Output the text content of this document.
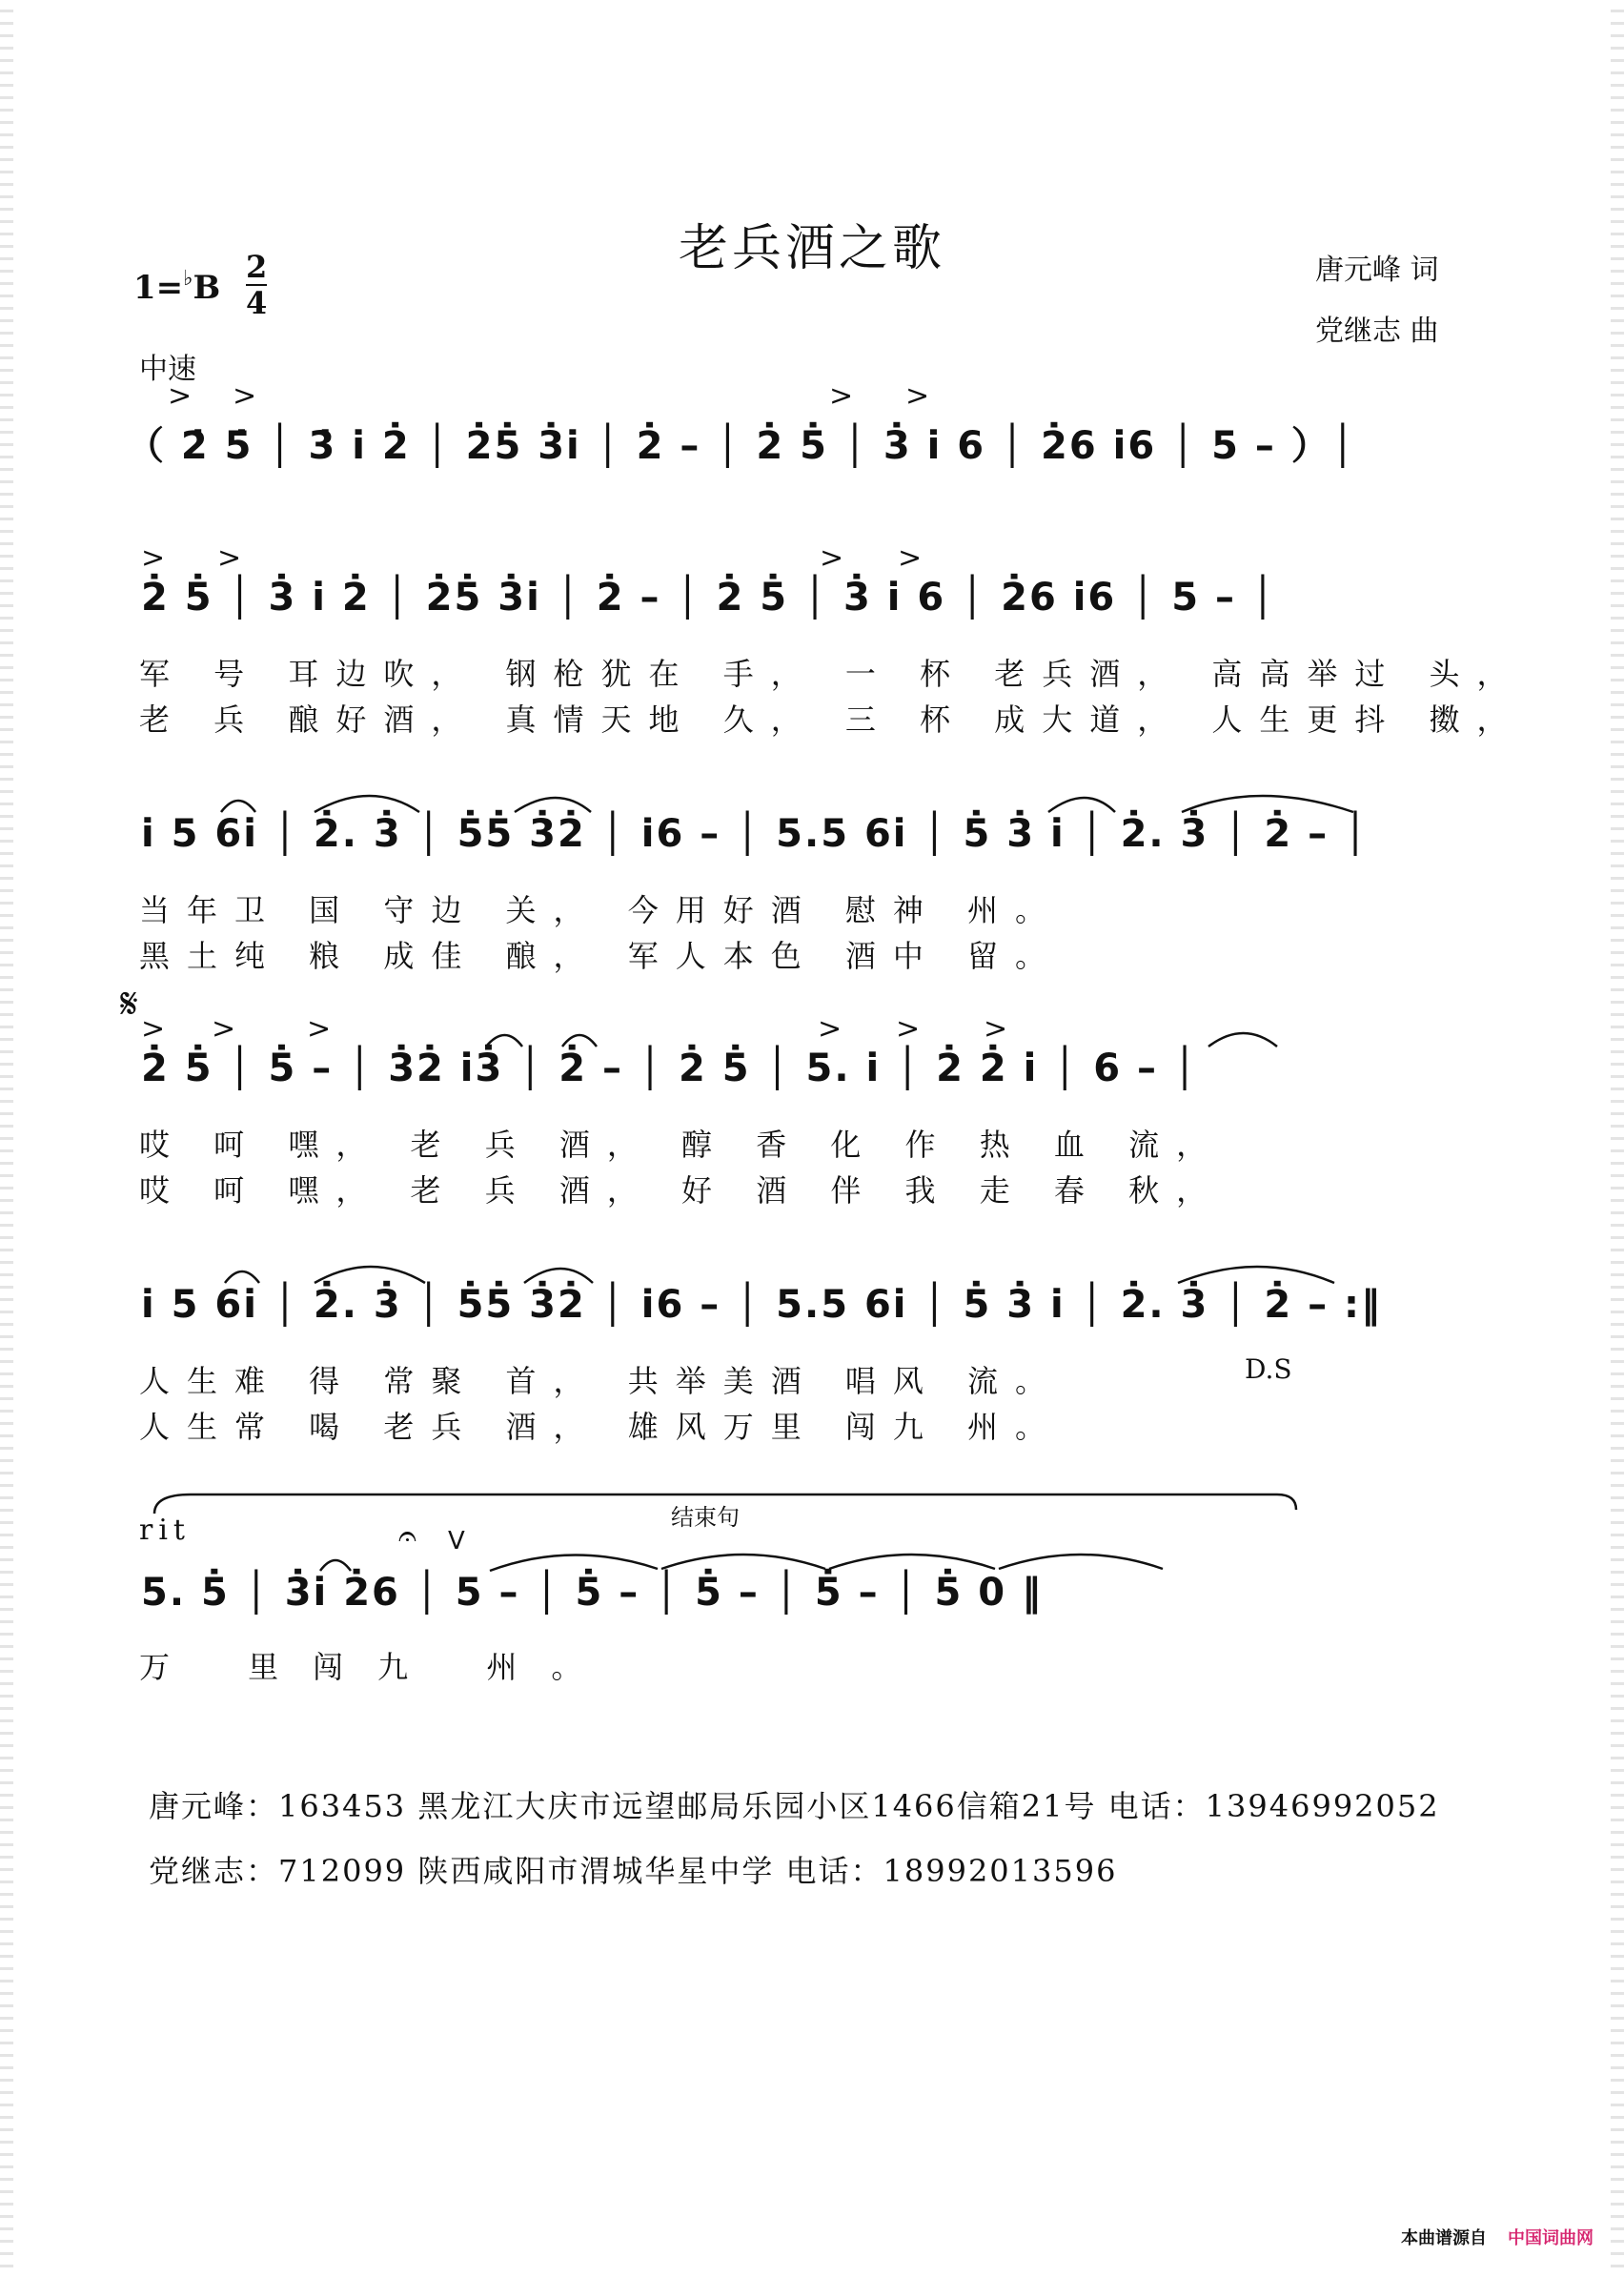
老兵酒之歌	唐元峰 词
党继志 曲
1=♭B
2
4
中速
> >	> >
> >	> >
> > >	> > >
𝄋
（ 2̇ 5̇ │ 3̇ i̇ 2̇ │ 2̇5̇ 3̇i̇ │ 2̇ – │ 2̇ 5̇ │ 3̇ i̇ 6 │ 2̇6 i̇6 │ 5 – ）│
2̇ 5̇ │ 3̇ i̇ 2̇ │ 2̇5̇ 3̇i̇ │ 2̇ – │ 2̇ 5̇ │ 3̇ i̇ 6 │ 2̇6 i̇6 │ 5 – │
军 号 耳边吹， 钢枪犹在 手， 一 杯 老兵酒， 高高举过 头，
老 兵 酿好酒， 真情天地 久， 三 杯 成大道， 人生更抖 擞，
i̇ 5 6i̇ │ 2̇. 3̇ │ 5̇5̇ 3̇2̇ │ i6 – │ 5.5 6i̇ │ 5̇ 3̇ i̇ │ 2̇. 3̇ │ 2̇ – │
当年卫 国 守边 关， 今用好酒 慰神 州。
黑土纯 粮 成佳 酿， 军人本色 酒中 留。
2̇ 5̇ │ 5̇ – │ 3̇2̇ i̇3̇ │ 2̇ – │ 2̇ 5̇ │ 5. i̇ │ 2̇ 2̇ i̇ │ 6 – │
哎 呵 嘿， 老 兵 酒， 醇 香 化 作 热 血 流，
哎 呵 嘿， 老 兵 酒， 好 酒 伴 我 走 春 秋，
i̇ 5 6i̇ │ 2̇. 3̇ │ 5̇5̇ 3̇2̇ │ i6 – │ 5.5 6i̇ │ 5̇ 3̇ i̇ │ 2̇. 3̇ │ 2̇ – :‖
人生难 得 常聚 首， 共举美酒 唱风 流。
人生常 喝 老兵 酒， 雄风万里 闯九 州。
D.S
rit	结束句
𝄐 V
5. 5̇ │ 3̇i̇ 2̇6 │ 5 – │ 5̇ – │ 5̇ – │ 5̇ – │ 5̇ 0 ‖
万 里闯九 州。
唐元峰：163453 黑龙江大庆市远望邮局乐园小区1466信箱21号 电话：13946992052
党继志：712099 陕西咸阳市渭城华星中学 电话：18992013596
本曲谱源自 中国词曲网
